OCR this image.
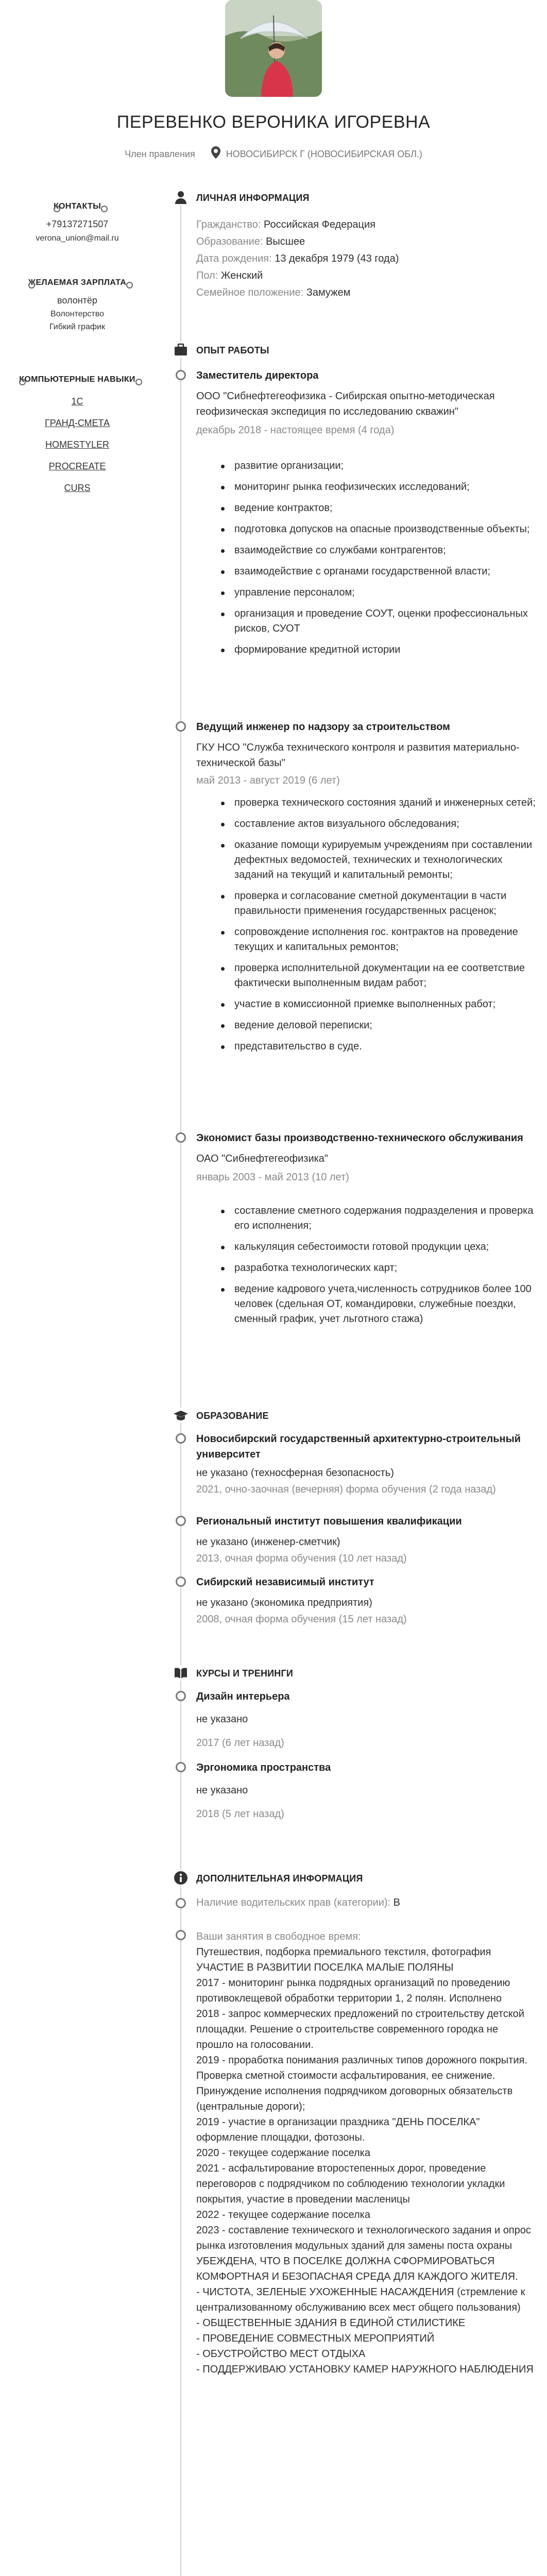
ПЕРЕВЕНКО ВЕРОНИКА ИГОРЕВНА
Член правления	НОВОСИБИРСК Г (НОВОСИБИРСКАЯ ОБЛ.)
КОНТАКТЫ
+79137271507
verona_union@mail.ru
ЖЕЛАЕМАЯ ЗАРПЛАТА
волонтёр
Волонтерство
Гибкий график
КОМПЬЮТЕРНЫЕ НАВЫКИ
1С
ГРАНД-СМЕТА
HOMESTYLER
PROCREATE
CURS
ЛИЧНАЯ ИНФОРМАЦИЯ
Гражданство: Российская Федерация
Образование: Высшее
Дата рождения: 13 декабря 1979 (43 года)
Пол: Женский
Семейное положение: Замужем
ОПЫТ РАБОТЫ
Заместитель директора
ООО "Сибнефтегеофизика - Сибирская опытно-методическая геофизическая экспедиция по исследованию скважин"
декабрь 2018 - настоящее время (4 года)
развитие организации;
мониторинг рынка геофизических исследований;
ведение контрактов;
подготовка допусков на опасные производственные объекты;
взаимодействие со службами контрагентов;
взаимодействие с органами государственной власти;
управление персоналом;
организация и проведение СОУТ, оценки профессиональных рисков, СУОТ
формирование кредитной истории
Ведущий инженер по надзору за строительством
ГКУ НСО "Служба технического контроля и развития материально-технической базы"
май 2013 - август 2019 (6 лет)
проверка технического состояния зданий и инженерных сетей;
составление актов визуального обследования;
оказание помощи курируемым учреждениям при составлении дефектных ведомостей, технических и технологических заданий на текущий и капитальный ремонты;
проверка и согласование сметной документации в части правильности применения государственных расценок;
сопровождение исполнения гос. контрактов на проведение текущих и капитальных ремонтов;
проверка исполнительной документации на ее соответствие фактически выполненным видам работ;
участие в комиссионной приемке выполненных работ;
ведение деловой переписки;
представительство в суде.
Экономист базы производственно-технического обслуживания
ОАО "Сибнефтегеофизика"
январь 2003 - май 2013 (10 лет)
составление сметного содержания подразделения и проверка его исполнения;
калькуляция себестоимости готовой продукции цеха;
разработка технологических карт;
ведение кадрового учета,численность сотрудников более 100 человек (сдельная ОТ, командировки, служебные поездки, сменный график, учет льготного стажа)
ОБРАЗОВАНИЕ
Новосибирский государственный архитектурно-строительный университет
не указано (техносферная безопасность)
2021, очно-заочная (вечерняя) форма обучения (2 года назад)
Региональный институт повышения квалификации
не указано (инженер-сметчик)
2013, очная форма обучения (10 лет назад)
Сибирский независимый институт
не указано (экономика предприятия)
2008, очная форма обучения (15 лет назад)
КУРСЫ И ТРЕНИНГИ
Дизайн интерьера
не указано
2017 (6 лет назад)
Эргономика пространства
не указано
2018 (5 лет назад)
ДОПОЛНИТЕЛЬНАЯ ИНФОРМАЦИЯ
Наличие водительских прав (категории): B
Ваши занятия в свободное время:
Путешествия, подборка премиального текстиля, фотография
УЧАСТИЕ В РАЗВИТИИ ПОСЕЛКА МАЛЫЕ ПОЛЯНЫ
2017 - мониторинг рынка подрядных организаций по проведению противоклещевой обработки территории 1, 2 полян. Исполнено
2018 - запрос коммерческих предложений по строительству детской площадки. Решение о строительстве современного городка не прошло на голосовании.
2019 - проработка понимания различных типов дорожного покрытия. Проверка сметной стоимости асфальтирования, ее снижение. Принуждение исполнения подрядчиком договорных обязательств (центральные дороги);
2019 - участие в организации праздника "ДЕНЬ ПОСЕЛКА" оформление площадки, фотозоны.
2020 - текущее содержание поселка
2021 - асфальтирование второстепенных дорог, проведение переговоров с подрядчиком по соблюдению технологии укладки покрытия, участие в проведении масленицы
2022 - текущее содержание поселка
2023 - составление технического и технологического задания и опрос рынка изготовления модульных зданий для замены поста охраны
УБЕЖДЕНА, ЧТО В ПОСЕЛКЕ ДОЛЖНА СФОРМИРОВАТЬСЯ КОМФОРТНАЯ И БЕЗОПАСНАЯ СРЕДА ДЛЯ КАЖДОГО ЖИТЕЛЯ.
- ЧИСТОТА, ЗЕЛЕНЫЕ УХОЖЕННЫЕ НАСАЖДЕНИЯ (стремление к централизованному обслуживанию всех мест общего пользования)
- ОБЩЕСТВЕННЫЕ ЗДАНИЯ В ЕДИНОЙ СТИЛИСТИКЕ
- ПРОВЕДЕНИЕ СОВМЕСТНЫХ МЕРОПРИЯТИЙ
- ОБУСТРОЙСТВО МЕСТ ОТДЫХА
- ПОДДЕРЖИВАЮ УСТАНОВКУ КАМЕР НАРУЖНОГО НАБЛЮДЕНИЯ
